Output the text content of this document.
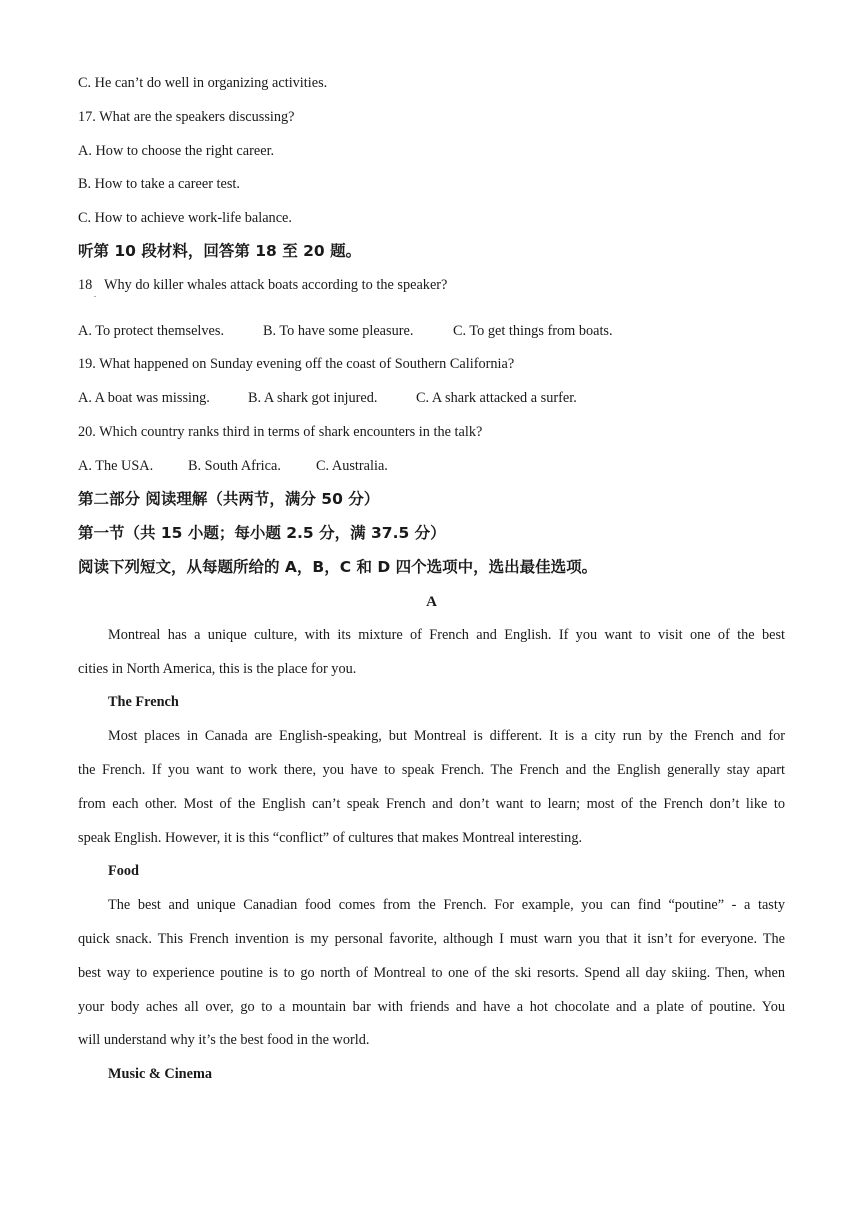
C. He can’t do well in organizing activities.
17. What are the speakers discussing?
A. How to choose the right career.
B. How to take a career test.
C. How to achieve work-life balance.
听第 10 段材料，回答第 18 至 20 题。
18
.
Why do killer whales attack boats according to the speaker?
A. To protect themselves.	B. To have some pleasure.	C. To get things from boats.
19. What happened on Sunday evening off the coast of Southern California?
A. A boat was missing.	B. A shark got injured.	C. A shark attacked a surfer.
20. Which country ranks third in terms of shark encounters in the talk?
A. The USA. B. South Africa. C. Australia.
第二部分 阅读理解（共两节，满分 50 分）
第一节（共 15 小题；每小题 2.5 分，满 37.5 分）
阅读下列短文，从每题所给的 A，B，C 和 D 四个选项中，选出最佳选项。
A
Montreal has a unique culture, with its mixture of French and English. If you want to visit one of the best
cities in North America, this is the place for you.
The French
Most places in Canada are English-speaking, but Montreal is different. It is a city run by the French and for
the French. If you want to work there, you have to speak French. The French and the English generally stay apart
from each other. Most of the English can’t speak French and don’t want to learn; most of the French don’t like to
speak English. However, it is this “conflict” of cultures that makes Montreal interesting.
Food
The best and unique Canadian food comes from the French. For example, you can find “poutine” - a tasty
quick snack. This French invention is my personal favorite, although I must warn you that it isn’t for everyone. The
best way to experience poutine is to go north of Montreal to one of the ski resorts. Spend all day skiing. Then, when
your body aches all over, go to a mountain bar with friends and have a hot chocolate and a plate of poutine. You
will understand why it’s the best food in the world.
Music & Cinema
